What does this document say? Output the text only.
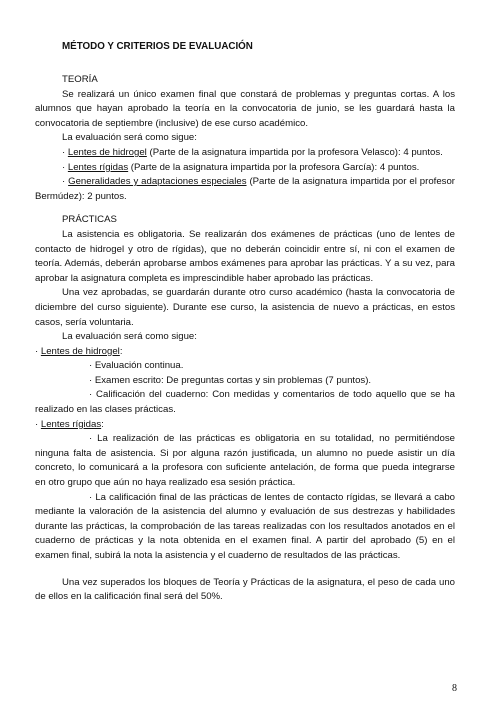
MÉTODO Y CRITERIOS DE EVALUACIÓN
TEORÍA

Se realizará un único examen final que constará de problemas y preguntas cortas. A los alumnos que hayan aprobado la teoría en la convocatoria de junio, se les guardará hasta la convocatoria de septiembre (inclusive) de ese curso académico.

La evaluación será como sigue:

· Lentes de hidrogel (Parte de la asignatura impartida por la profesora Velasco): 4 puntos.

· Lentes rígidas (Parte de la asignatura impartida por la profesora García): 4 puntos.

· Generalidades y adaptaciones especiales (Parte de la asignatura impartida por el profesor Bermúdez): 2 puntos.

PRÁCTICAS

La asistencia es obligatoria. Se realizarán dos exámenes de prácticas (uno de lentes de contacto de hidrogel y otro de rígidas), que no deberán coincidir entre sí, ni con el examen de teoría. Además, deberán aprobarse ambos exámenes para aprobar las prácticas. Y a su vez, para aprobar la asignatura completa es imprescindible haber aprobado las prácticas.

Una vez aprobadas, se guardarán durante otro curso académico (hasta la convocatoria de diciembre del curso siguiente). Durante ese curso, la asistencia de nuevo a prácticas, en estos casos, sería voluntaria.

La evaluación será como sigue:

· Lentes de hidrogel:

· Evaluación continua.

· Examen escrito: De preguntas cortas y sin problemas (7 puntos).

· Calificación del cuaderno: Con medidas y comentarios de todo aquello que se ha realizado en las clases prácticas.

· Lentes rígidas:

· La realización de las prácticas es obligatoria en su totalidad, no permitiéndose ninguna falta de asistencia. Si por alguna razón justificada, un alumno no puede asistir un día concreto, lo comunicará a la profesora con suficiente antelación, de forma que pueda integrarse en otro grupo que aún no haya realizado esa sesión práctica.

· La calificación final de las prácticas de lentes de contacto rígidas, se llevará a cabo mediante la valoración de la asistencia del alumno y evaluación de sus destrezas y habilidades durante las prácticas, la comprobación de las tareas realizadas con los resultados anotados en el cuaderno de prácticas y la nota obtenida en el examen final. A partir del aprobado (5) en el examen final, subirá la nota la asistencia y el cuaderno de resultados de las prácticas.

Una vez superados los bloques de Teoría y Prácticas de la asignatura, el peso de cada uno de ellos en la calificación final será del 50%.

8
